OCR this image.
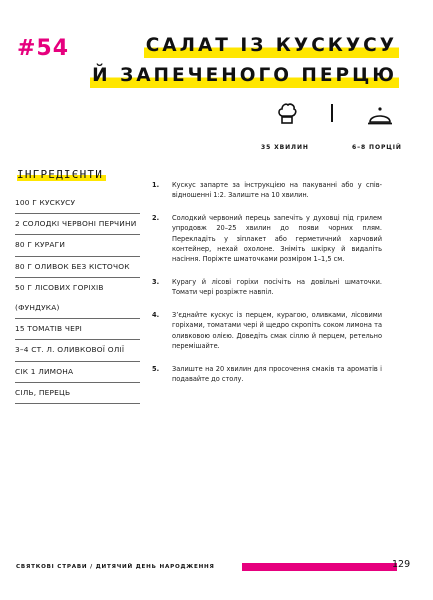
#54	САЛАТ ІЗ КУСКУСУ
Й ЗАПЕЧЕНОГО ПЕРЦЮ
35 ХВИЛИН	6–8 ПОРЦІЙ
ІНГРЕДІЄНТИ
100 Г КУСКУСУ
2 СОЛОДКІ ЧЕРВОНІ ПЕРЧИНИ
80 Г КУРАГИ
80 Г ОЛИВОК БЕЗ КІСТОЧОК
50 Г ЛІСОВИХ ГОРІХІВ
(ФУНДУКА)
15 ТОМАТІВ ЧЕРІ
3–4 СТ. Л. ОЛИВКОВОЇ ОЛІЇ
СІК 1 ЛИМОНА
СІЛЬ, ПЕРЕЦЬ
1.	Кускус запарте за інструкцією на пакуванні або у співвідношенні 1:2. Залиште на 10 хвилин.
2.	Солодкий червоний перець запечіть у духовці під грилем упродовж 20–25 хвилин до появи чорних плям. Перекладіть у зіплакет або герметичний харчовий контейнер, нехай охолоне. Зніміть шкірку й видаліть насіння. Поріжте шматочками розміром 1–1,5 см.
3.	Курагу й лісові горіхи посічіть на довільні шматочки. Томати чері розріжте навпіл.
4.	З’єднайте кускус із перцем, курагою, оливками, лісовими горіхами, томатами чері й щедро скропіть соком лимона та оливковою олією. Доведіть смак сіллю й перцем, ретельно перемішайте.
5.	Залиште на 20 хвилин для просочення смаків та ароматів і подавайте до столу.
СВЯТКОВІ СТРАВИ / ДИТЯЧИЙ ДЕНЬ НАРОДЖЕННЯ	129
